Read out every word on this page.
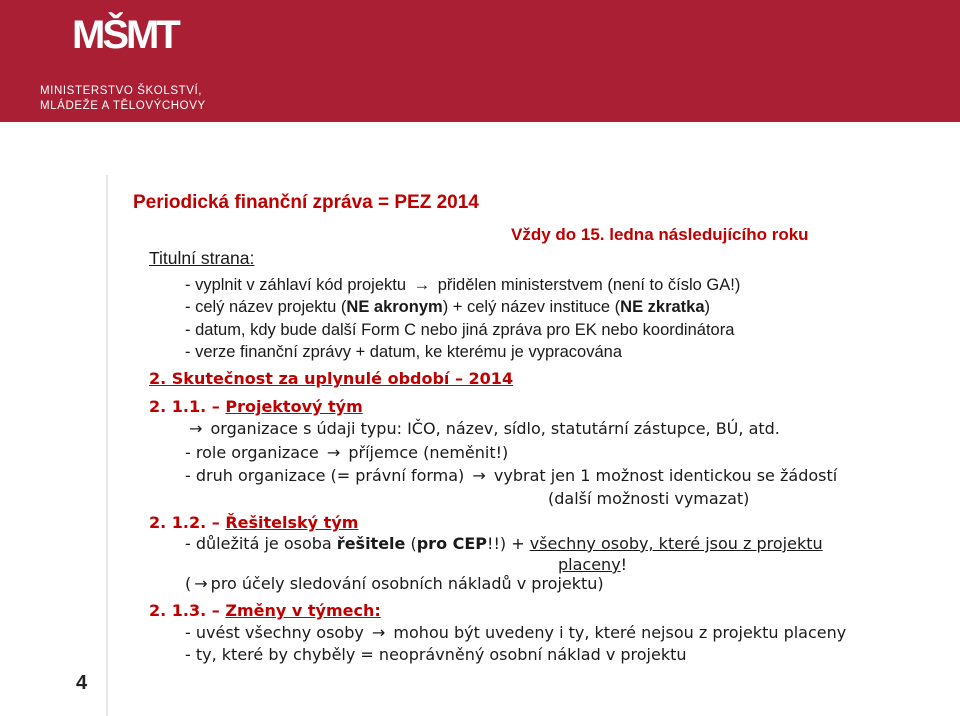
MŠMT
MINISTERSTVO ŠKOLSTVÍ,
MLÁDEŽE A TĚLOVÝCHOVY
4
Periodická finanční zpráva = PEZ 2014
Vždy do 15. ledna následujícího roku
Titulní strana:
- vyplnit v záhlaví kód projektu → přidělen ministerstvem (není to číslo GA!)
- celý název projektu (NE akronym) + celý název instituce (NE zkratka)
- datum, kdy bude další Form C nebo jiná zpráva pro EK nebo koordinátora
- verze finanční zprávy + datum, ke kterému je vypracována
2. Skutečnost za uplynulé období – 2014
2. 1.1. – Projektový tým
→ organizace s údaji typu: IČO, název, sídlo, statutární zástupce, BÚ, atd.
- role organizace → příjemce (neměnit!)
- druh organizace (= právní forma) → vybrat jen 1 možnost identickou se žádostí
(další možnosti vymazat)
2. 1.2. – Řešitelský tým
- důležitá je osoba řešitele (pro CEP!!) + všechny osoby, které jsou z projektu
placeny!
( → pro účely sledování osobních nákladů v projektu)
2. 1.3. – Změny v týmech:
- uvést všechny osoby → mohou být uvedeny i ty, které nejsou z projektu placeny
- ty, které by chyběly = neoprávněný osobní náklad v projektu
